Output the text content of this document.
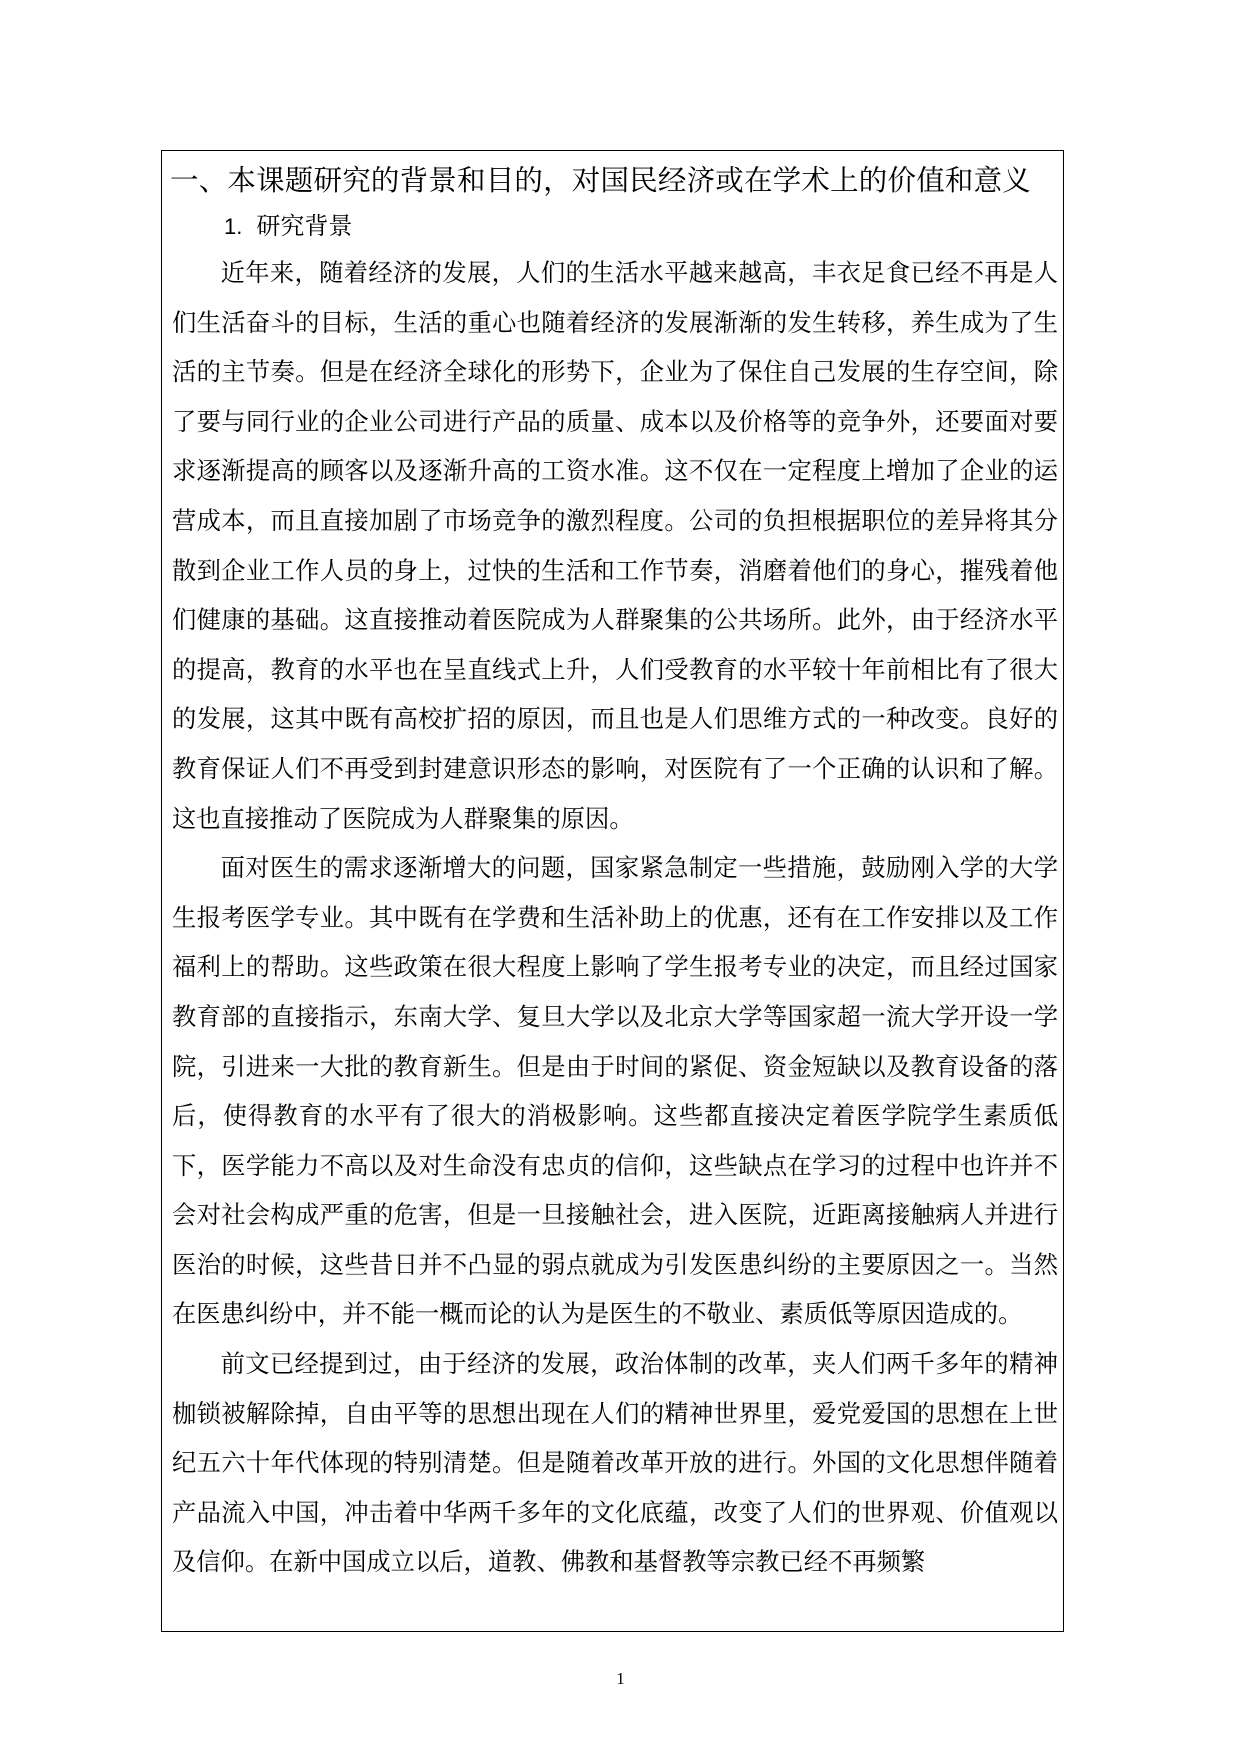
一、本课题研究的背景和目的，对国民经济或在学术上的价值和意义
1. 研究背景

近年来，随着经济的发展，人们的生活水平越来越高，丰衣足食已经不再是人们生活奋斗的目标，生活的重心也随着经济的发展渐渐的发生转移，养生成为了生活的主节奏。但是在经济全球化的形势下，企业为了保住自己发展的生存空间，除了要与同行业的企业公司进行产品的质量、成本以及价格等的竞争外，还要面对要求逐渐提高的顾客以及逐渐升高的工资水准。这不仅在一定程度上增加了企业的运营成本，而且直接加剧了市场竞争的激烈程度。公司的负担根据职位的差异将其分散到企业工作人员的身上，过快的生活和工作节奏，消磨着他们的身心，摧残着他们健康的基础。这直接推动着医院成为人群聚集的公共场所。此外，由于经济水平的提高，教育的水平也在呈直线式上升，人们受教育的水平较十年前相比有了很大的发展，这其中既有高校扩招的原因，而且也是人们思维方式的一种改变。良好的教育保证人们不再受到封建意识形态的影响，对医院有了一个正确的认识和了解。这也直接推动了医院成为人群聚集的原因。

面对医生的需求逐渐增大的问题，国家紧急制定一些措施，鼓励刚入学的大学生报考医学专业。其中既有在学费和生活补助上的优惠，还有在工作安排以及工作福利上的帮助。这些政策在很大程度上影响了学生报考专业的决定，而且经过国家教育部的直接指示，东南大学、复旦大学以及北京大学等国家超一流大学开设一学院，引进来一大批的教育新生。但是由于时间的紧促、资金短缺以及教育设备的落后，使得教育的水平有了很大的消极影响。这些都直接决定着医学院学生素质低下，医学能力不高以及对生命没有忠贞的信仰，这些缺点在学习的过程中也许并不会对社会构成严重的危害，但是一旦接触社会，进入医院，近距离接触病人并进行医治的时候，这些昔日并不凸显的弱点就成为引发医患纠纷的主要原因之一。当然在医患纠纷中，并不能一概而论的认为是医生的不敬业、素质低等原因造成的。

前文已经提到过，由于经济的发展，政治体制的改革，夹人们两千多年的精神枷锁被解除掉，自由平等的思想出现在人们的精神世界里，爱党爱国的思想在上世纪五六十年代体现的特别清楚。但是随着改革开放的进行。外国的文化思想伴随着产品流入中国，冲击着中华两千多年的文化底蕴，改变了人们的世界观、价值观以及信仰。在新中国成立以后，道教、佛教和基督教等宗教已经不再频繁

1
